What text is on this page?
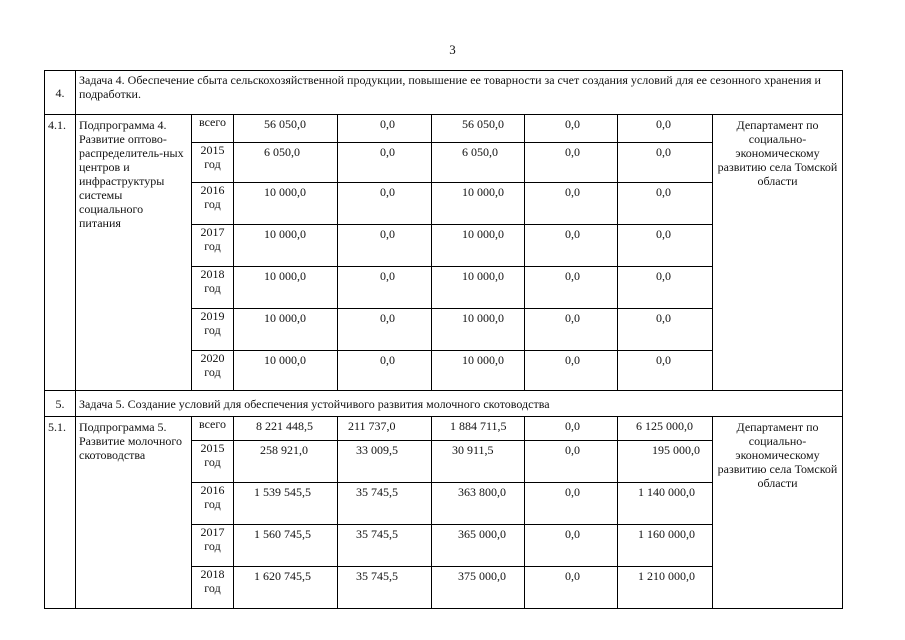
3
4.	Задача 4. Обеспечение сбыта сельскохозяйственной продукции, повышение ее товарности за счет создания условий для ее сезонного хранения и подработки.							
4.1.	Подпрограмма 4. Развитие оптово-распределитель-ных центров и инфраструктуры системы социального питания	всего	56 050,0	0,0	56 050,0	0,0	0,0	Департамент по социально-экономическому развитию села Томской области
		2015 год	6 050,0	0,0	6 050,0	0,0	0,0	
		2016 год	10 000,0	0,0	10 000,0	0,0	0,0	
		2017 год	10 000,0	0,0	10 000,0	0,0	0,0	
		2018 год	10 000,0	0,0	10 000,0	0,0	0,0	
		2019 год	10 000,0	0,0	10 000,0	0,0	0,0	
		2020 год	10 000,0	0,0	10 000,0	0,0	0,0	
5.	Задача 5. Создание условий для обеспечения устойчивого развития молочного скотоводства							
5.1.	Подпрограмма 5. Развитие молочного скотоводства	всего	8 221 448,5	211 737,0	1 884 711,5	0,0	6 125 000,0	Департамент по социально-экономическому развитию села Томской области
		2015 год	258 921,0	33 009,5	30 911,5	0,0	195 000,0	
		2016 год	1 539 545,5	35 745,5	363 800,0	0,0	1 140 000,0	
		2017 год	1 560 745,5	35 745,5	365 000,0	0,0	1 160 000,0	
		2018 год	1 620 745,5	35 745,5	375 000,0	0,0	1 210 000,0	
